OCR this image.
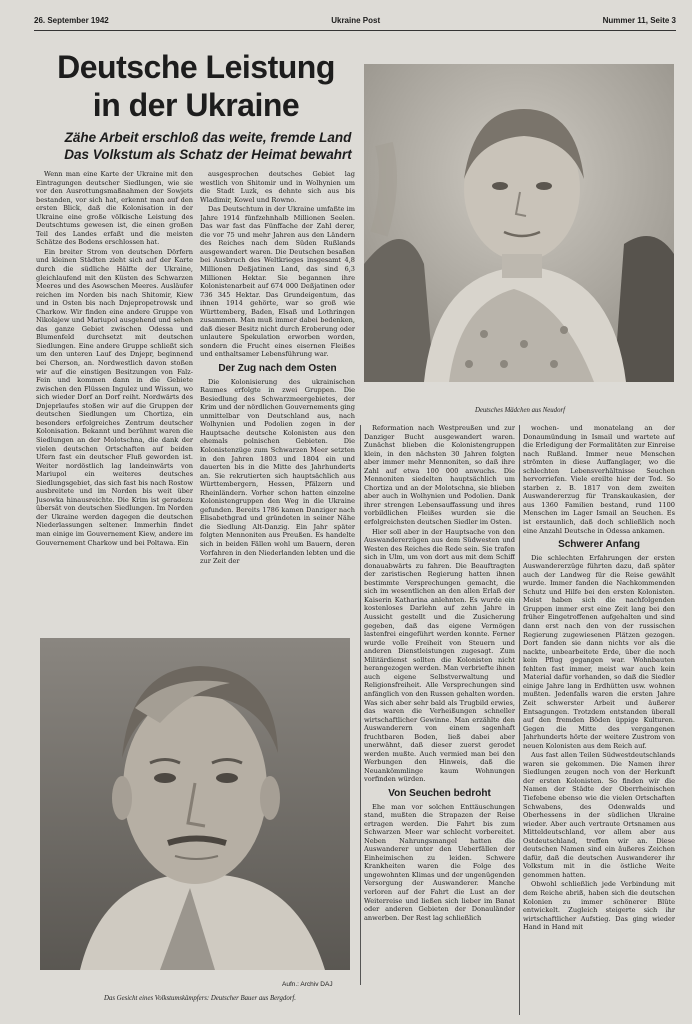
26. September 1942	Ukraine Post	Nummer 11, Seite 3
Deutsche Leistung
in der Ukraine
Zähe Arbeit erschloß das weite, fremde Land
Das Volkstum als Schatz der Heimat bewahrt
Deutsches Mädchen aus Neudorf
Aufn.: Archiv DAJ
Das Gesicht eines Volkstumskämpfers: Deutscher Bauer aus Bergdorf.

Wenn man eine Karte der Ukraine mit den Eintragungen deutscher Siedlungen, wie sie vor den Ausrottungsmaßnahmen der Sowjets bestanden, vor sich hat, erkennt man auf den ersten Blick, daß die Kolonisation in der Ukraine eine große völkische Leistung des Deutschtums gewesen ist, die einen großen Teil des Landes erfaßt und die meisten Schätze des Bodens erschlossen hat.

Ein breiter Strom von deutschen Dörfern und kleinen Städten zieht sich auf der Karte durch die südliche Hälfte der Ukraine, gleichlaufend mit den Küsten des Schwarzen Meeres und des Asowschen Meeres. Ausläufer reichen im Norden bis nach Shitomir, Kiew und in Osten bis nach Dnjepropetrowsk und Charkow. Wir finden eine andere Gruppe von Nikolajew und Mariupol ausgehend und sehen das ganze Gebiet zwischen Odessa und Blumenfeld durchsetzt mit deutschen Siedlungen. Eine andere Gruppe schließt sich um den unteren Lauf des Dnjepr, beginnend bei Cherson, an. Nordwestlich davon stoßen wir auf die einstigen Besitzungen von Falz-Fein und kommen dann in die Gebiete zwischen den Flüssen Ingulez und Wissun, wo sich wieder Dorf an Dorf reiht. Nordwärts des Dnjeprlaufes stoßen wir auf die Gruppen der deutschen Siedlungen um Chortiza, ein besonders erfolgreiches Zentrum deutscher Kolonisation. Bekannt und berühmt waren die Siedlungen an der Molotschna, die dank der vielen deutschen Ortschaften auf beiden Ufern fast ein deutscher Fluß geworden ist. Weiter nordöstlich lag landeinwärts von Mariupol ein weiteres deutsches Siedlungsgebiet, das sich fast bis nach Rostow ausbreitete und im Norden bis weit über Jusowka hinausreichte. Die Krim ist geradezu übersät von deutschen Siedlungen. Im Norden der Ukraine werden dagegen die deutschen Niederlassungen seltener. Immerhin findet man einige im Gouvernement Kiew, andere im Gouvernement Charkow und bei Poltawa. Ein

ausgesprochen deutsches Gebiet lag westlich von Shitomir und in Wolhynien um die Stadt Luzk, es dehnte sich aus bis Wladimir, Kowel und Rowno.

Das Deutschtum in der Ukraine umfaßte im Jahre 1914 fünfzehnhalb Millionen Seelen. Das war fast das Fünffache der Zahl derer, die vor 75 und mehr Jahren aus den Ländern des Reiches nach dem Süden Rußlands ausgewandert waren. Die Deutschen besaßen bei Ausbruch des Weltkrieges insgesamt 4,8 Millionen Deßjatinen Land, das sind 6,3 Millionen Hektar. Sie begannen ihre Kolonistenarbeit auf 674 000 Deßjatinen oder 736 345 Hektar. Das Grundeigentum, das ihnen 1914 gehörte, war so groß wie Württemberg, Baden, Elsaß und Lothringen zusammen. Man muß immer dabei bedenken, daß dieser Besitz nicht durch Eroberung oder unlautere Spekulation erworben worden, sondern die Frucht eines eisernen Fleißes und enthaltsamer Lebensführung war.

Der Zug nach dem Osten

Die Kolonisierung des ukrainischen Raumes erfolgte in zwei Gruppen. Die Besiedlung des Schwarzmeergebietes, der Krim und der nördlichen Gouvernements ging unmittelbar von Deutschland aus, nach Wolhynien und Podolien zogen in der Hauptsache deutsche Kolonisten aus den ehemals polnischen Gebieten. Die Kolonistenzüge zum Schwarzen Meer setzten in den Jahren 1803 und 1804 ein und dauerten bis in die Mitte des Jahrhunderts an. Sie rekrutierten sich hauptsächlich aus Württembergern, Hessen, Pfälzern und Rheinländern. Vorher schon hatten einzelne Kolonistengruppen den Weg in die Ukraine gefunden. Bereits 1786 kamen Danziger nach Elisabethgrad und gründeten in seiner Nähe die Siedlung Alt-Danzig. Ein Jahr später folgten Mennoniten aus Preußen. Es handelte sich in beiden Fällen wohl um Bauern, deren Vorfahren in den Niederlanden lebten und die zur Zeit der

Reformation nach Westpreußen und zur Danziger Bucht ausgewandert waren. Zunächst blieben die Kolonistengruppen klein, in den nächsten 30 Jahren folgten aber immer mehr Mennoniten, so daß ihre Zahl auf etwa 100 000 anwuchs. Die Mennoniten siedelten hauptsächlich um Chortiza und an der Molotschna, sie blieben aber auch in Wolhynien und Podolien. Dank ihrer strengen Lebensauffassung und ihres vorbildlichen Fleißes wurden sie die erfolgreichsten deutschen Siedler im Osten.

Hier soll aber in der Hauptsache von den Auswandererzügen aus dem Südwesten und Westen des Reiches die Rede sein. Sie trafen sich in Ulm, um von dort aus mit dem Schiff donauabwärts zu fahren. Die Beauftragten der zaristischen Regierung hatten ihnen bestimmte Versprechungen gemacht, die sich im wesentlichen an den allen Erlaß der Kaiserin Katharina anlehnten. Es wurde ein kostenloses Darlehn auf zehn Jahre in Aussicht gestellt und die Zusicherung gegeben, daß das eigene Vermögen lastenfrei eingeführt werden konnte. Ferner wurde volle Freiheit von Steuern und anderen Dienstleistungen zugesagt. Zum Militärdienst sollten die Kolonisten nicht herangezogen werden. Man verbriefte ihnen auch eigene Selbstverwaltung und Religionsfreiheit. Alle Versprechungen sind anfänglich von den Russen gehalten worden. Was sich aber sehr bald als Trugbild erwies, das waren die Verheißungen schneller wirtschaftlicher Gewinne. Man erzählte den Auswanderern von einem sagenhaft fruchtbaren Boden, ließ dabei aber unerwähnt, daß dieser zuerst gerodet werden mußte. Auch vermied man bei den Werbungen den Hinweis, daß die Neuankömmlinge kaum Wohnungen vorfinden würden.

Von Seuchen bedroht

Ehe man vor solchen Enttäuschungen stand, mußten die Strapazen der Reise ertragen werden. Die Fahrt bis zum Schwarzen Meer war schlecht vorbereitet. Neben Nahrungsmangel hatten die Auswanderer unter den Ueberfällen der Einheimischen zu leiden. Schwere Krankheiten waren die Folge des ungewohnten Klimas und der ungenügenden Versorgung der Auswanderer. Manche verloren auf der Fahrt die Lust an der Weiterreise und ließen sich lieber im Banat oder anderen Gebieten der Donauländer anwerben. Der Rest lag schließlich

wochen- und monatelang an der Donaumündung in Ismail und wartete auf die Erledigung der Formalitäten zur Einreise nach Rußland. Immer neue Menschen strömten in diese Auffanglager, wo die schlechten Lebensverhältnisse Seuchen hervorriefen. Viele ereilte hier der Tod. So starben z. B. 1817 von dem zweiten Auswandererzug für Transkaukasien, der aus 1360 Familien bestand, rund 1100 Menschen im Lager Ismail an Seuchen. Es ist erstaunlich, daß doch schließlich noch eine Anzahl Deutsche in Odessa ankamen.

Schwerer Anfang

Die schlechten Erfahrungen der ersten Auswandererzüge führten dazu, daß später auch der Landweg für die Reise gewählt wurde. Immer fanden die Nachkommenden Schutz und Hilfe bei den ersten Kolonisten. Meist haben sich die nachfolgenden Gruppen immer erst eine Zeit lang bei den früher Eingetroffenen aufgehalten und sind dann erst nach den von der russischen Regierung zugewiesenen Plätzen gezogen. Dort fanden sie dann nichts vor als die nackte, unbearbeitete Erde, über die noch kein Pflug gegangen war. Wohnbauten fehlten fast immer, meist war auch kein Material dafür vorhanden, so daß die Siedler einige Jahre lang in Erdhütten usw. wohnen mußten. Jedenfalls waren die ersten Jahre Zeit schwerster Arbeit und äußerer Entsagungen. Trotzdem entstanden überall auf den fremden Böden üppige Kulturen. Gegen die Mitte des vergangenen Jahrhunderts hörte der weitere Zustrom von neuen Kolonisten aus dem Reich auf.

Aus fast allen Teilen Südwestdeutschlands waren sie gekommen. Die Namen ihrer Siedlungen zeugen noch von der Herkunft der ersten Kolonisten. So finden wir die Namen der Städte der Oberrheinischen Tiefebene ebenso wie die vielen Ortschaften Schwabens, des Odenwalds und Oberhessens in der südlichen Ukraine wieder. Aber auch vertraute Ortsnamen aus Mitteldeutschland, vor allem aber aus Ostdeutschland, treffen wir an. Diese deutschen Namen sind ein äußeres Zeichen dafür, daß die deutschen Auswanderer ihr Volkstum mit in die östliche Weite genommen hatten.

Obwohl schließlich jede Verbindung mit dem Reiche abriß, haben sich die deutschen Kolonien zu immer schönerer Blüte entwickelt. Zugleich steigerte sich ihr wirtschaftlicher Aufstieg. Das ging wieder Hand in Hand mit
